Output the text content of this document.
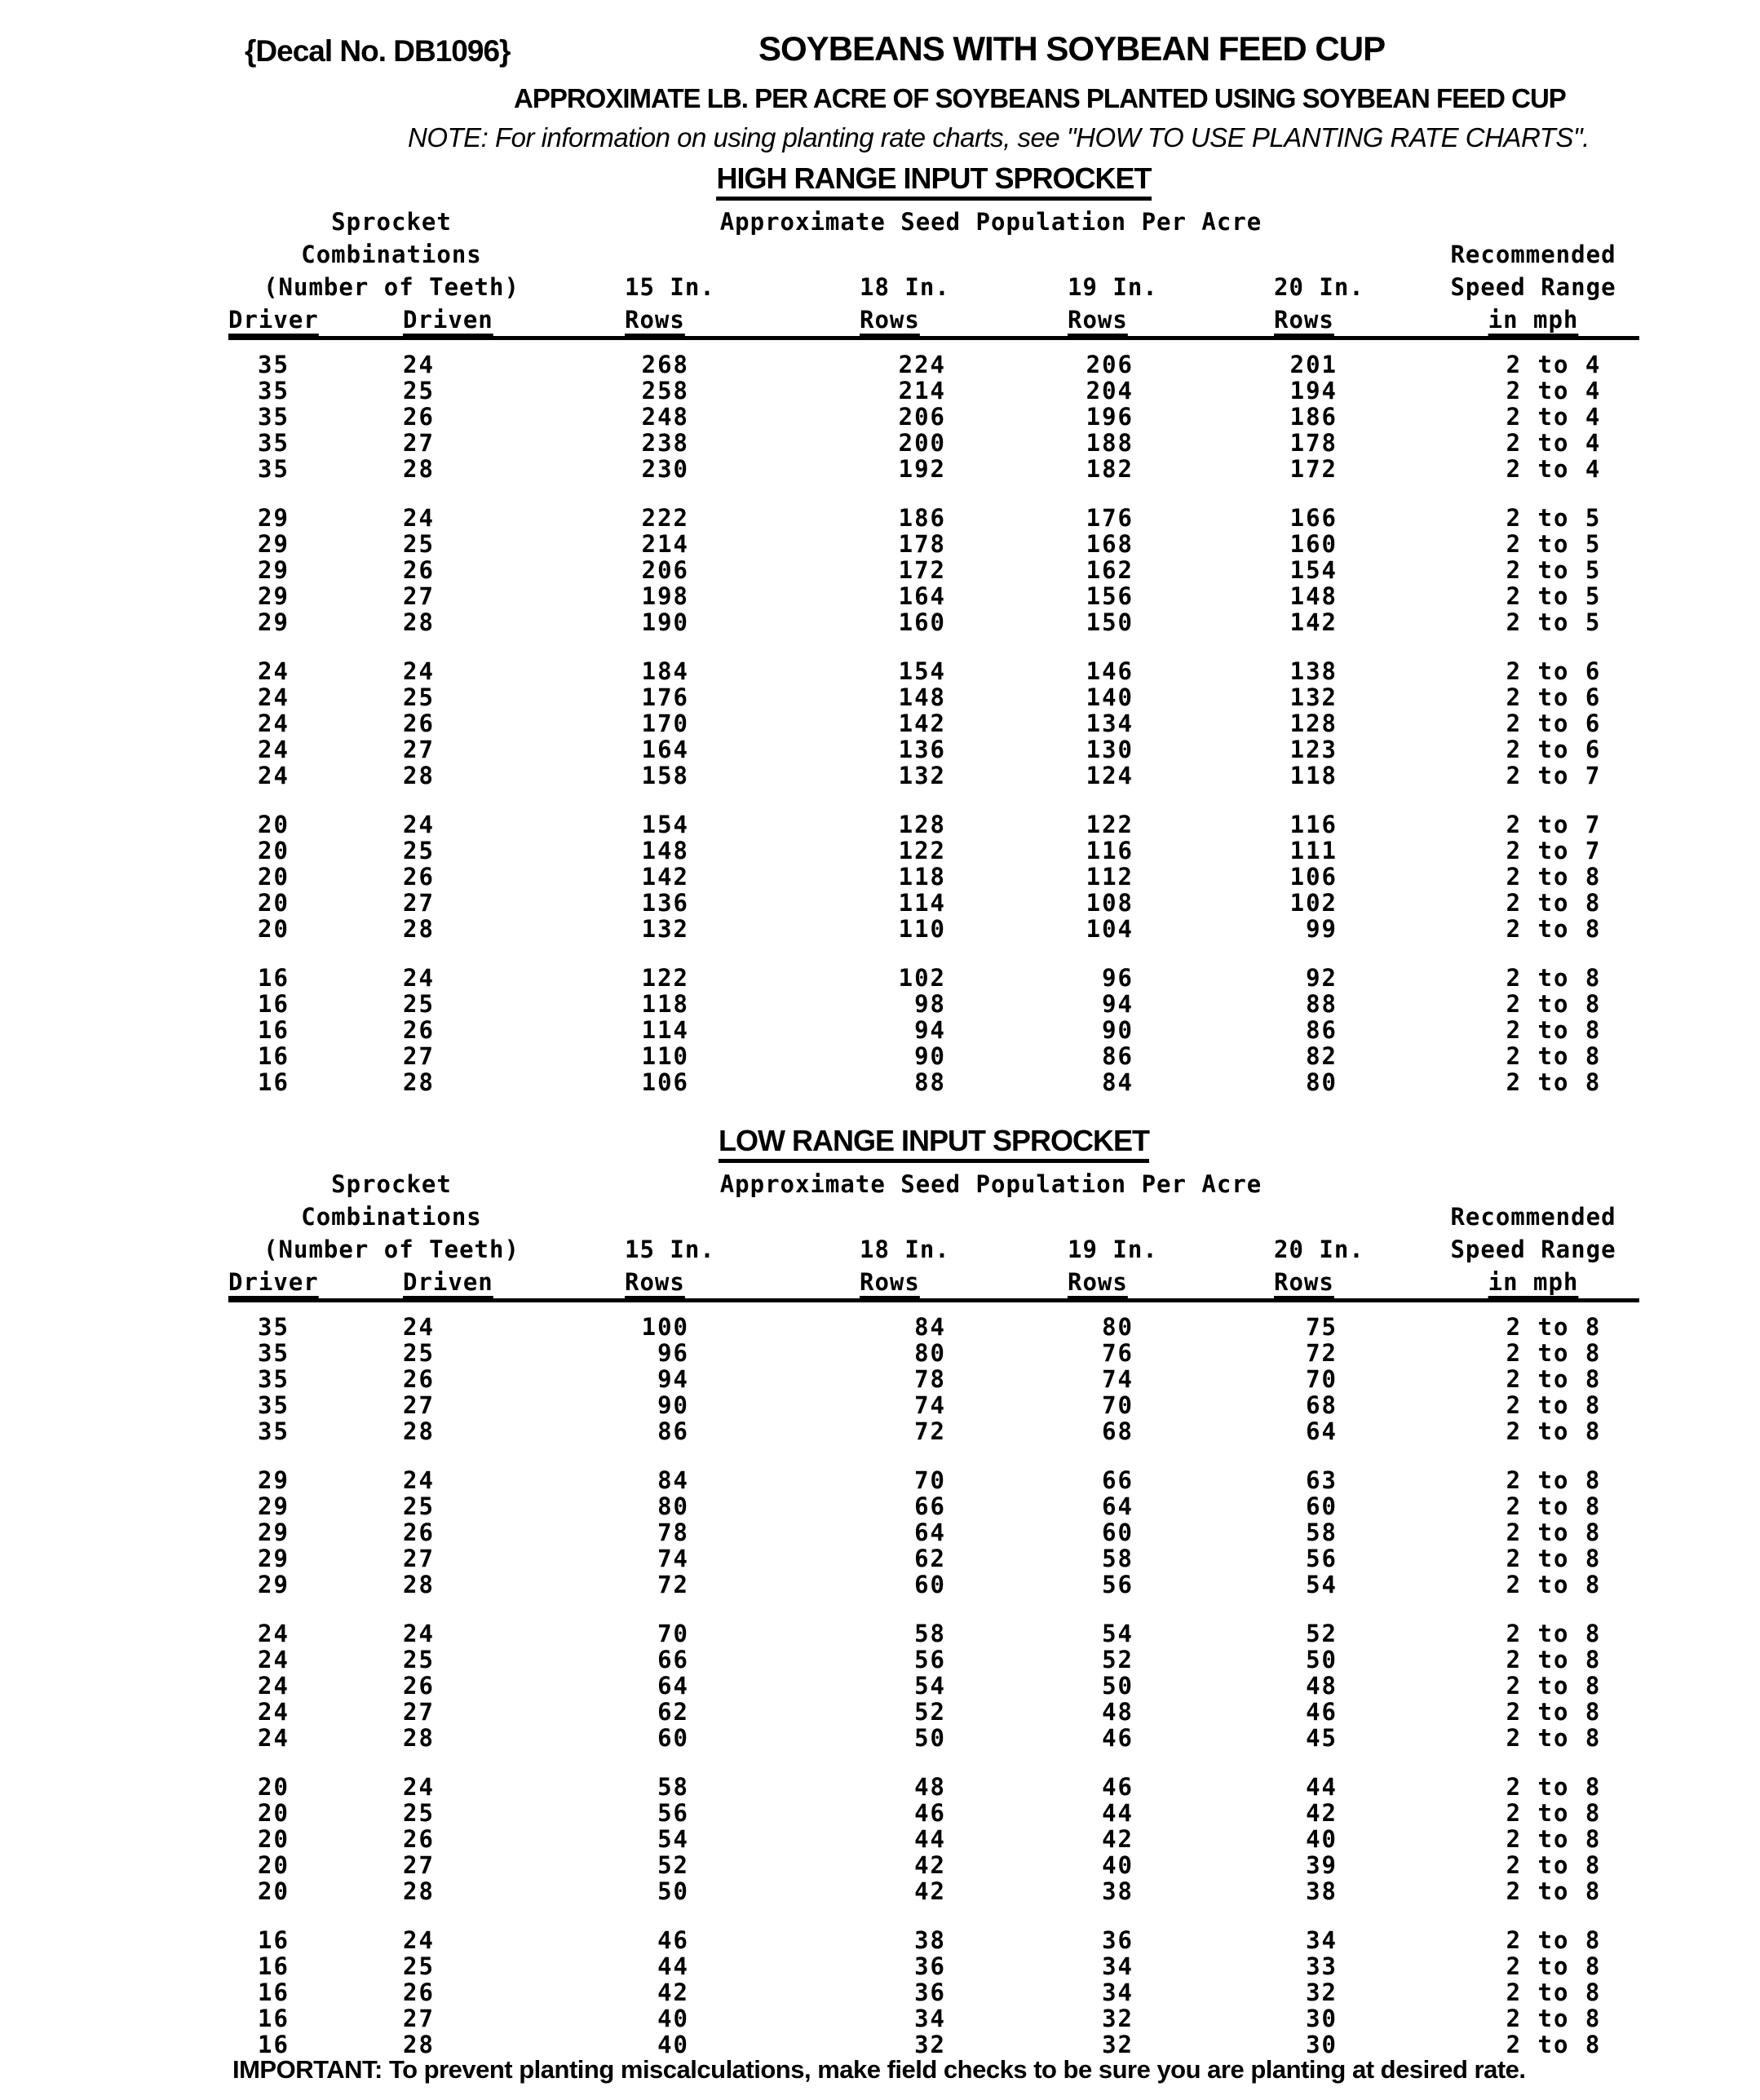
{Decal No. DB1096}	SOYBEANS WITH SOYBEAN FEED CUP
APPROXIMATE LB. PER ACRE OF SOYBEANS PLANTED USING SOYBEAN FEED CUP
NOTE: For information on using planting rate charts, see "HOW TO USE PLANTING RATE CHARTS".
HIGH RANGE INPUT SPROCKET
Sprocket	Approximate Seed Population Per Acre
Combinations	Recommended
(Number of Teeth)	15 In.	18 In.	19 In.	20 In.	Speed Range
Driver	Driven	Rows	Rows	Rows	Rows	in mph
35	24	268	224	206	201	2 to 4
35	25	258	214	204	194	2 to 4
35	26	248	206	196	186	2 to 4
35	27	238	200	188	178	2 to 4
35	28	230	192	182	172	2 to 4
29	24	222	186	176	166	2 to 5
29	25	214	178	168	160	2 to 5
29	26	206	172	162	154	2 to 5
29	27	198	164	156	148	2 to 5
29	28	190	160	150	142	2 to 5
24	24	184	154	146	138	2 to 6
24	25	176	148	140	132	2 to 6
24	26	170	142	134	128	2 to 6
24	27	164	136	130	123	2 to 6
24	28	158	132	124	118	2 to 7
20	24	154	128	122	116	2 to 7
20	25	148	122	116	111	2 to 7
20	26	142	118	112	106	2 to 8
20	27	136	114	108	102	2 to 8
20	28	132	110	104	99	2 to 8
16	24	122	102	96	92	2 to 8
16	25	118	98	94	88	2 to 8
16	26	114	94	90	86	2 to 8
16	27	110	90	86	82	2 to 8
16	28	106	88	84	80	2 to 8
LOW RANGE INPUT SPROCKET
Sprocket	Approximate Seed Population Per Acre
Combinations	Recommended
(Number of Teeth)	15 In.	18 In.	19 In.	20 In.	Speed Range
Driver	Driven	Rows	Rows	Rows	Rows	in mph
35	24	100	84	80	75	2 to 8
35	25	96	80	76	72	2 to 8
35	26	94	78	74	70	2 to 8
35	27	90	74	70	68	2 to 8
35	28	86	72	68	64	2 to 8
29	24	84	70	66	63	2 to 8
29	25	80	66	64	60	2 to 8
29	26	78	64	60	58	2 to 8
29	27	74	62	58	56	2 to 8
29	28	72	60	56	54	2 to 8
24	24	70	58	54	52	2 to 8
24	25	66	56	52	50	2 to 8
24	26	64	54	50	48	2 to 8
24	27	62	52	48	46	2 to 8
24	28	60	50	46	45	2 to 8
20	24	58	48	46	44	2 to 8
20	25	56	46	44	42	2 to 8
20	26	54	44	42	40	2 to 8
20	27	52	42	40	39	2 to 8
20	28	50	42	38	38	2 to 8
16	24	46	38	36	34	2 to 8
16	25	44	36	34	33	2 to 8
16	26	42	36	34	32	2 to 8
16	27	40	34	32	30	2 to 8
16	28	40	32	32	30	2 to 8
IMPORTANT: To prevent planting miscalculations, make field checks to be sure you are planting at desired rate.
